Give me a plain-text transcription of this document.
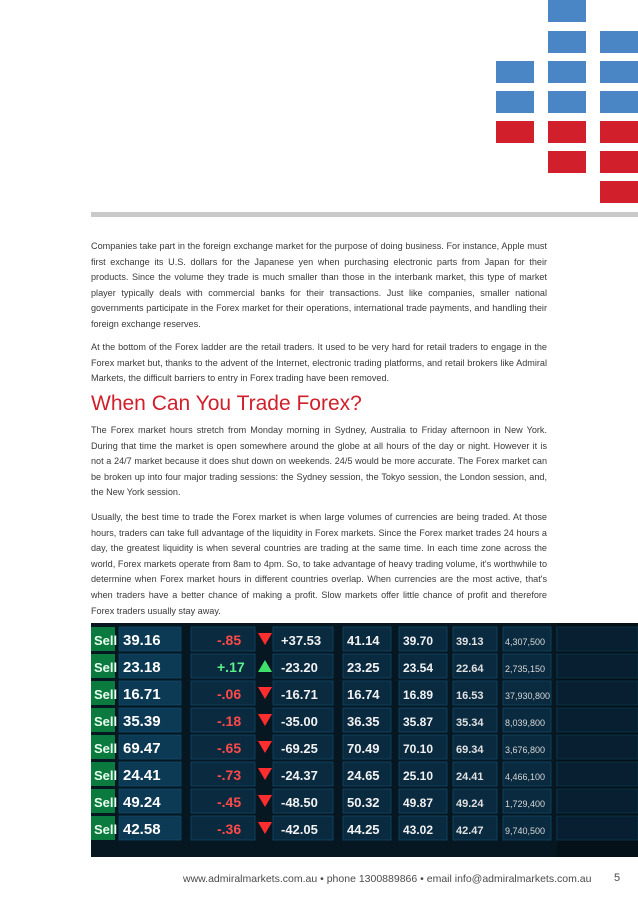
Companies take part in the foreign exchange market for the purpose of doing business. For instance, Apple must first exchange its U.S. dollars for the Japanese yen when purchasing electronic parts from Japan for their products. Since the volume they trade is much smaller than those in the interbank market, this type of market player typically deals with commercial banks for their transactions. Just like companies, smaller national governments participate in the Forex market for their operations, international trade payments, and handling their foreign exchange reserves.

At the bottom of the Forex ladder are the retail traders. It used to be very hard for retail traders to engage in the Forex market but, thanks to the advent of the Internet, electronic trading platforms, and retail brokers like Admiral Markets, the difficult barriers to entry in Forex trading have been removed.

When Can You Trade Forex?

The Forex market hours stretch from Monday morning in Sydney, Australia to Friday afternoon in New York. During that time the market is open somewhere around the globe at all hours of the day or night. However it is not a 24/7 market because it does shut down on weekends. 24/5 would be more accurate. The Forex market can be broken up into four major trading sessions: the Sydney session, the Tokyo session, the London session, and, the New York session.

Usually, the best time to trade the Forex market is when large volumes of currencies are being traded. At those hours, traders can take full advantage of the liquidity in Forex markets. Since the Forex market trades 24 hours a day, the greatest liquidity is when several countries are trading at the same time. In each time zone across the world, Forex markets operate from 8am to 4pm. So, to take advantage of heavy trading volume, it's worthwhile to determine when Forex market hours in different countries overlap. When currencies are the most active, that's when traders have a better chance of making a profit. Slow markets offer little chance of profit and therefore Forex traders usually stay away.

Sell 39.16	-.85	+37.53 41.14 39.70 39.13 4,307,500
Sell 23.18	+.17	-23.20 23.25 23.54 22.64 2,735,150
Sell 16.71	-.06	-16.71 16.74 16.89 16.53 37,930,800
Sell 35.39	-.18	-35.00 36.35 35.87 35.34 8,039,800
Sell 69.47	-.65	-69.25 70.49 70.10 69.34 3,676,800
Sell 24.41	-.73	-24.37 24.65 25.10 24.41 4,466,100
Sell 49.24	-.45	-48.50 50.32 49.87 49.24 1,729,400
Sell 42.58	-.36	-42.05 44.25 43.02 42.47 9,740,500
www.admiralmarkets.com.au • phone 1300889866 • email info@admiralmarkets.com.au 5
